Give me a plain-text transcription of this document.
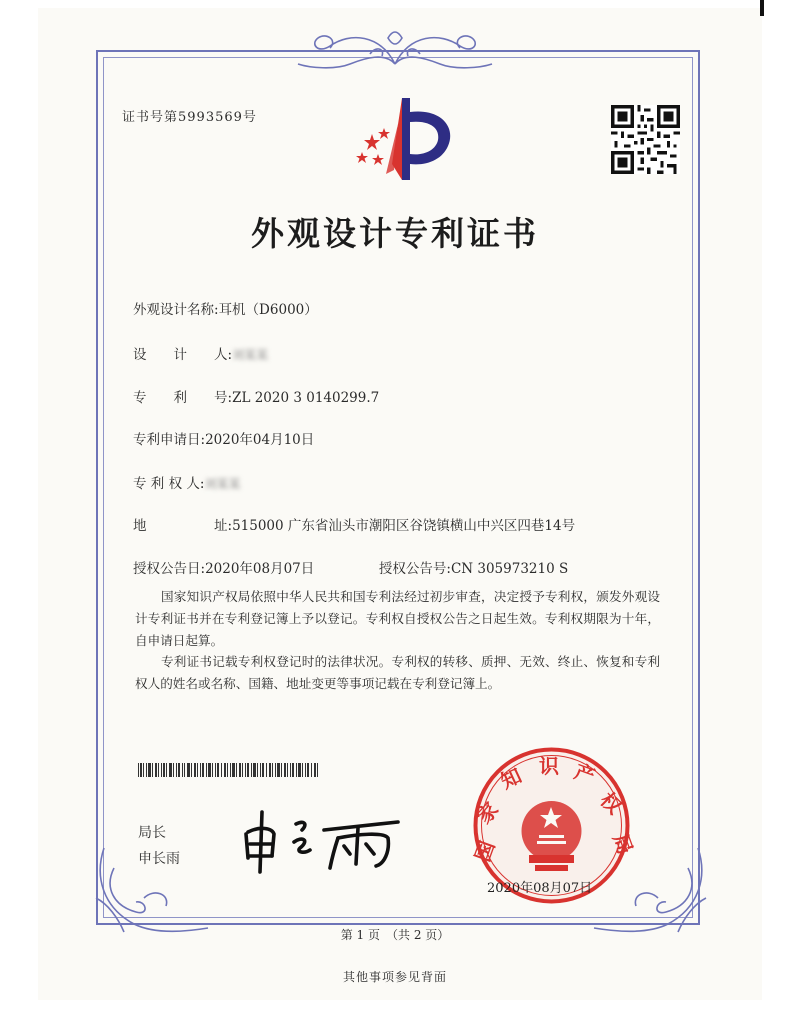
证书号第5993569号
外观设计专利证书
外观设计名称:耳机（D6000）
设　　计　　人:刘某某
专　　利　　号:ZL 2020 3 0140299.7
专利申请日:2020年04月10日
专 利 权 人:刘某某
地　　　　　址:515000 广东省汕头市潮阳区谷饶镇横山中兴区四巷14号
授权公告日:2020年08月07日	授权公告号:CN 305973210 S
国家知识产权局依照中华人民共和国专利法经过初步审查，决定授予专利权，颁发外观设计专利证书并在专利登记簿上予以登记。专利权自授权公告之日起生效。专利权期限为十年，自申请日起算。
专利证书记载专利权登记时的法律状况。专利权的转移、质押、无效、终止、恢复和专利权人的姓名或名称、国籍、地址变更等事项记载在专利登记簿上。
局长
申长雨	国
家
知 识 产
权
局
2020年08月07日
第 1 页　（共 2 页）
其他事项参见背面
